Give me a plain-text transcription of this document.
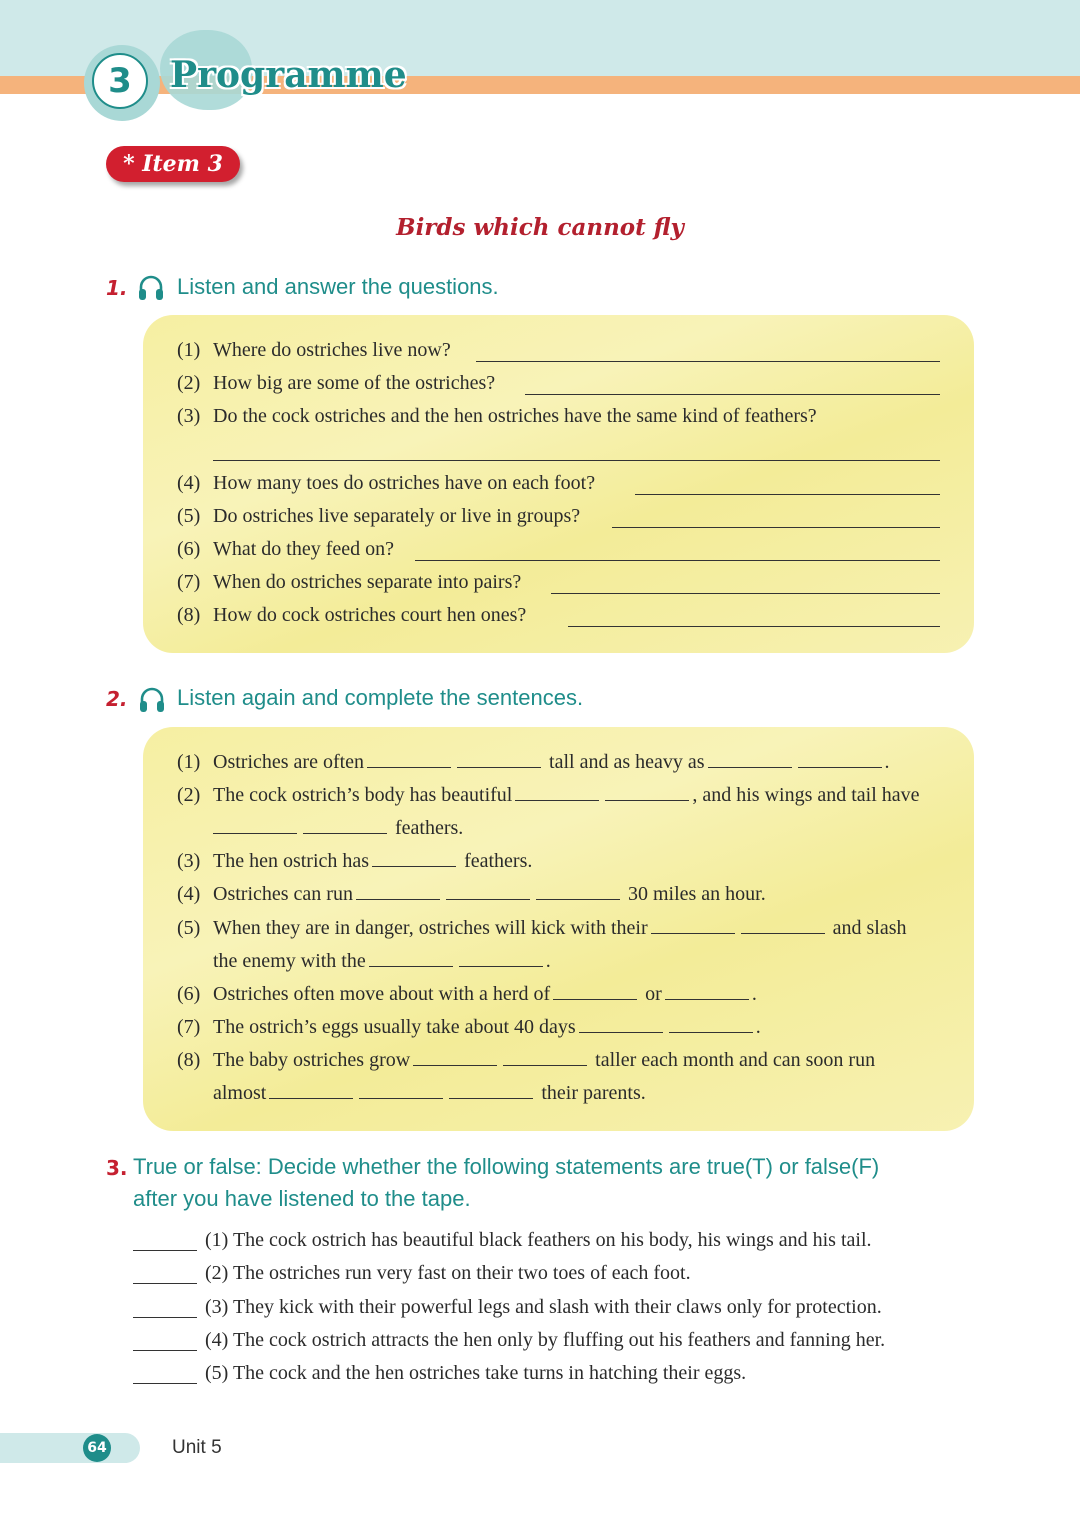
3	Programme
* Item 3
Birds which cannot fly
1. Listen and answer the questions.
(1) Where do ostriches live now?
(2) How big are some of the ostriches?
(3) Do the cock ostriches and the hen ostriches have the same kind of feathers?
(4) How many toes do ostriches have on each foot?
(5) Do ostriches live separately or live in groups?
(6) What do they feed on?
(7) When do ostriches separate into pairs?
(8) How do cock ostriches court hen ones?
2. Listen again and complete the sentences.
(1) Ostriches are often	tall and as heavy as	.
(2) The cock ostrich’s body has beautiful	, and his wings and tail have
feathers.
(3) The hen ostrich has	feathers.
(4) Ostriches can run	30 miles an hour.
(5) When they are in danger, ostriches will kick with their	and slash
the enemy with the	.
(6) Ostriches often move about with a herd of	or	.
(7) The ostrich’s eggs usually take about 40 days	.
(8) The baby ostriches grow	taller each month and can soon run
almost	their parents.
3. True or false: Decide whether the following statements are true(T) or false(F)
after you have listened to the tape.
(1) The cock ostrich has beautiful black feathers on his body, his wings and his tail.
(2) The ostriches run very fast on their two toes of each foot.
(3) They kick with their powerful legs and slash with their claws only for protection.
(4) The cock ostrich attracts the hen only by fluffing out his feathers and fanning her.
(5) The cock and the hen ostriches take turns in hatching their eggs.
64	Unit 5
